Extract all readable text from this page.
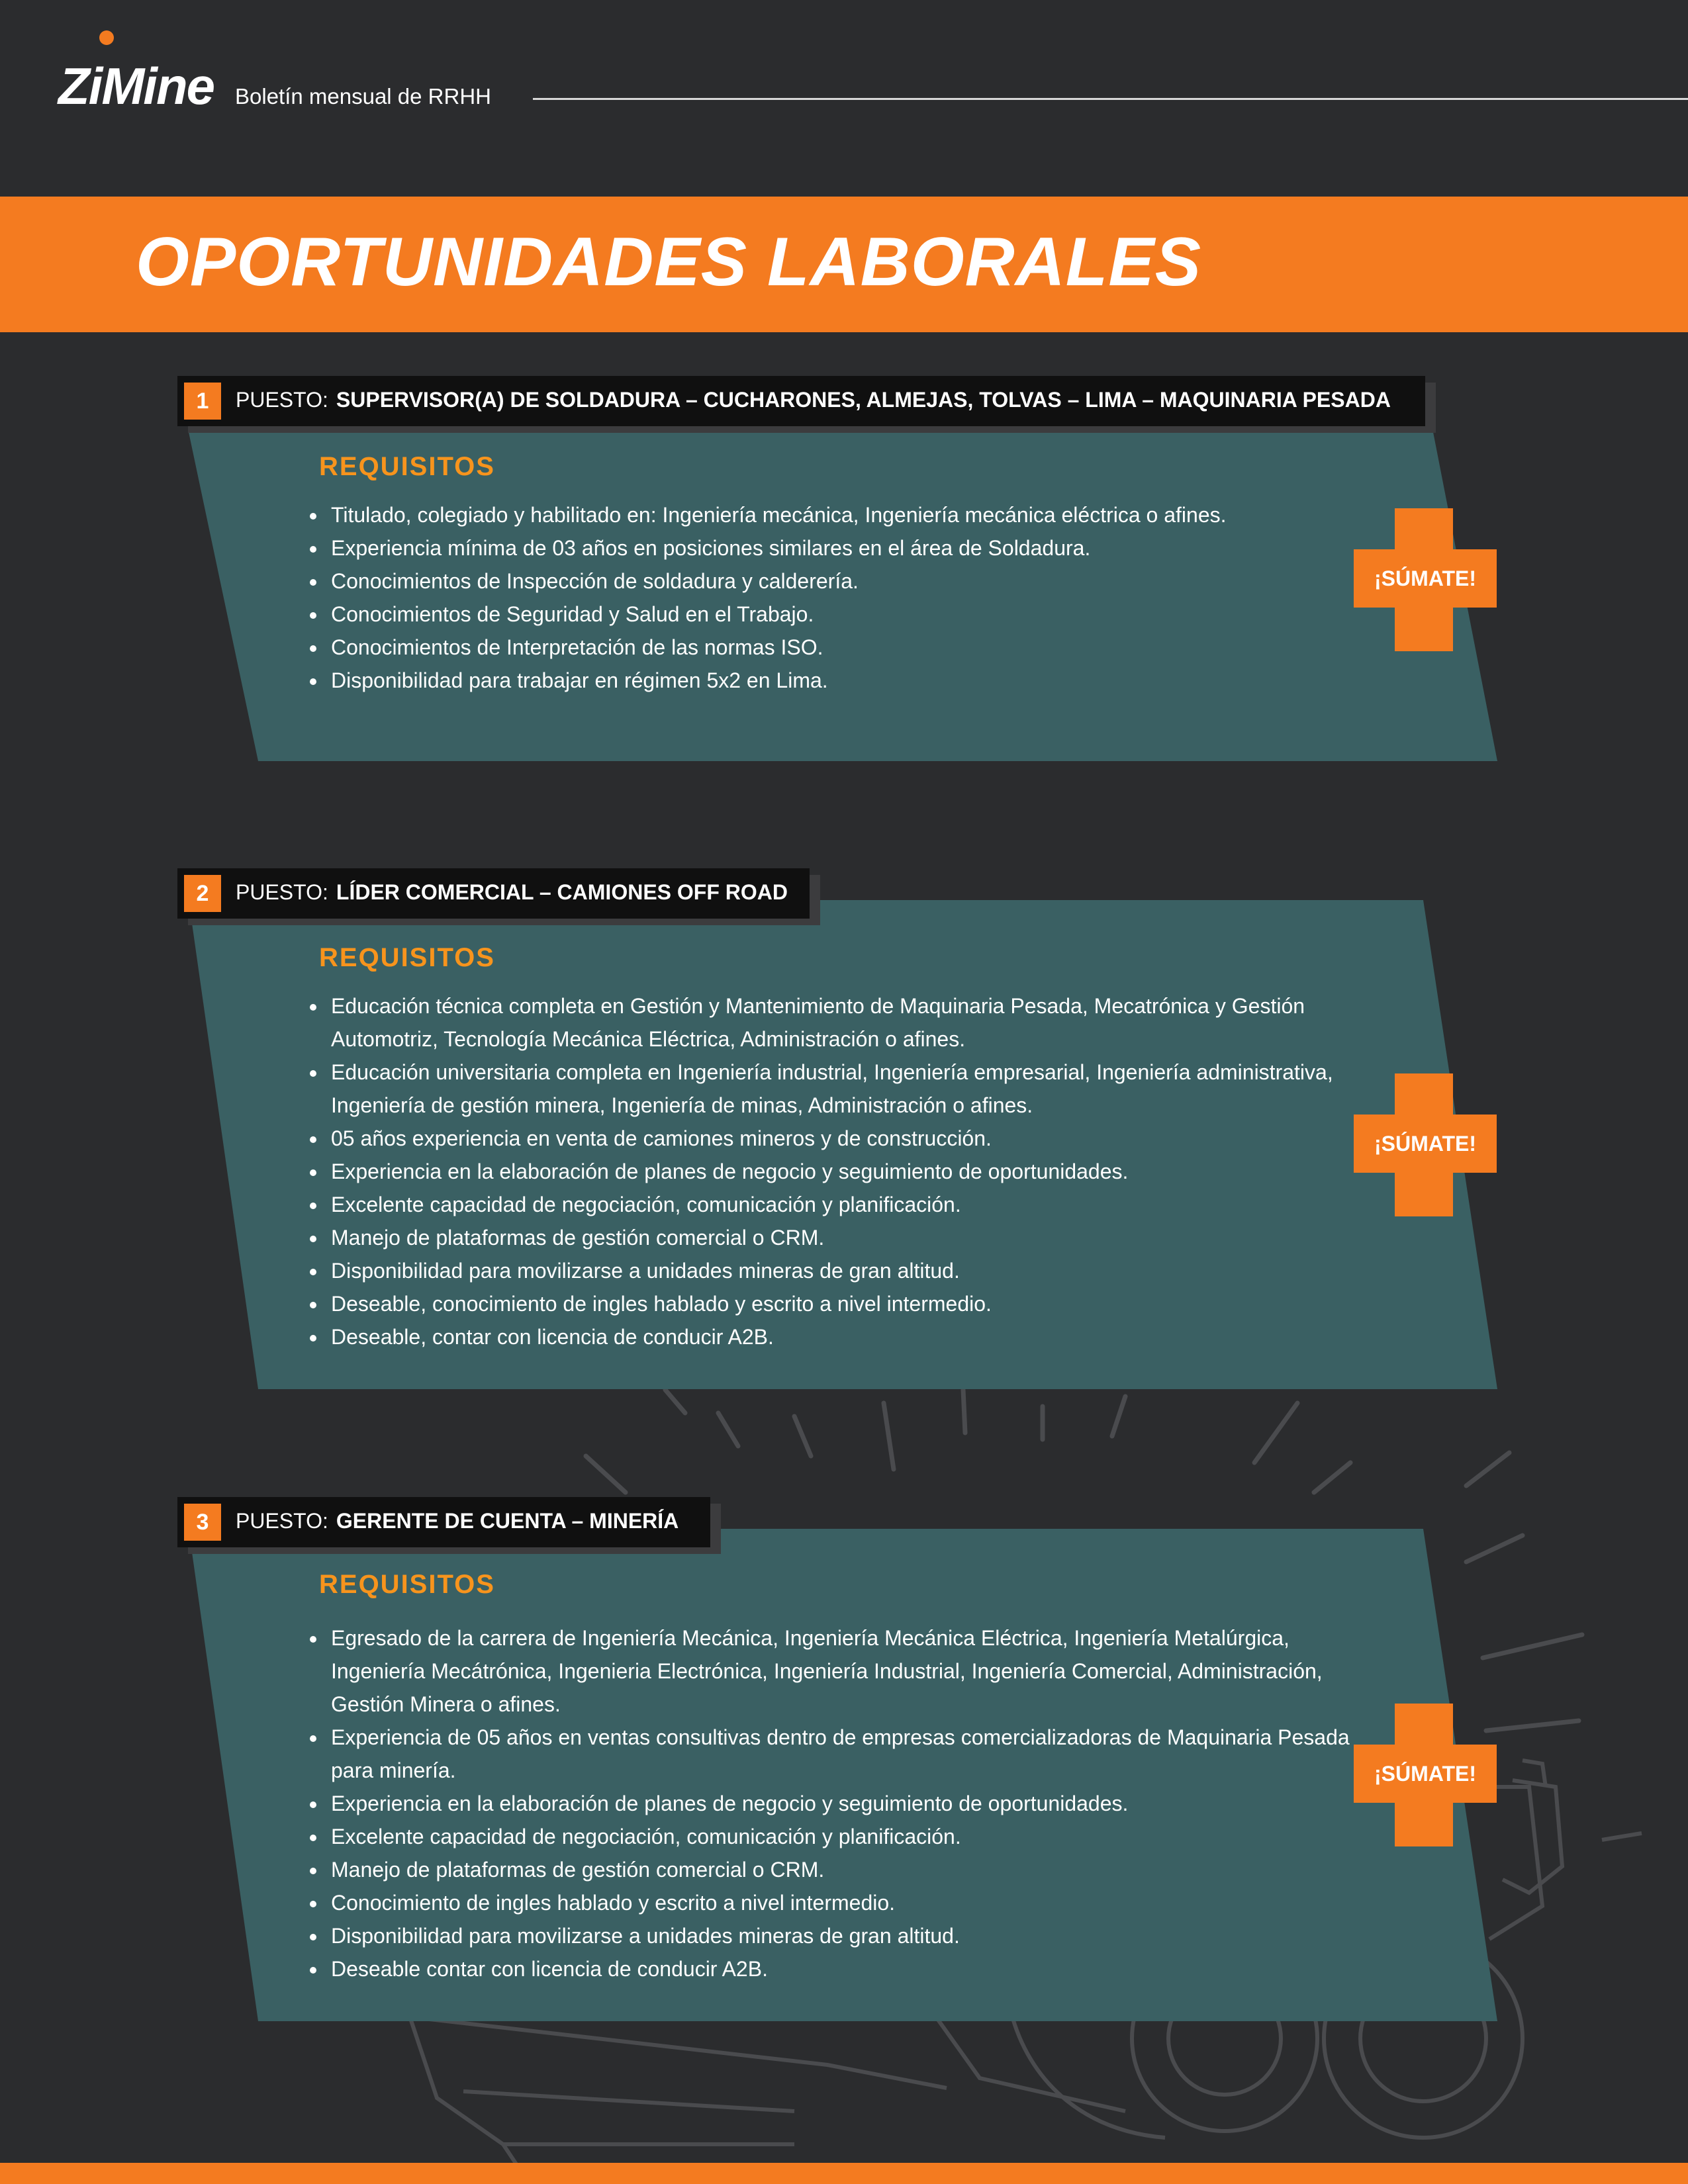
ZiMine Boletín mensual de RRHH
OPORTUNIDADES LABORALES
1	PUESTO: SUPERVISOR(A) DE SOLDADURA – CUCHARONES, ALMEJAS, TOLVAS – LIMA – MAQUINARIA PESADA
REQUISITOS
• Titulado, colegiado y habilitado en: Ingeniería mecánica, Ingeniería mecánica eléctrica o afines.
• Experiencia mínima de 03 años en posiciones similares en el área de Soldadura.
• Conocimientos de Inspección de soldadura y calderería.
• Conocimientos de Seguridad y Salud en el Trabajo.
• Conocimientos de Interpretación de las normas ISO.
• Disponibilidad para trabajar en régimen 5x2 en Lima.
¡SÚMATE!
2	PUESTO: LÍDER COMERCIAL – CAMIONES OFF ROAD
REQUISITOS
• Educación técnica completa en Gestión y Mantenimiento de Maquinaria Pesada, Mecatrónica y Gestión Automotriz, Tecnología Mecánica Eléctrica, Administración o afines.
• Educación universitaria completa en Ingeniería industrial, Ingeniería empresarial, Ingeniería administrativa, Ingeniería de gestión minera, Ingeniería de minas, Administración o afines.
• 05 años experiencia en venta de camiones mineros y de construcción.
• Experiencia en la elaboración de planes de negocio y seguimiento de oportunidades.
• Excelente capacidad de negociación, comunicación y planificación.
• Manejo de plataformas de gestión comercial o CRM.
• Disponibilidad para movilizarse a unidades mineras de gran altitud.
• Deseable, conocimiento de ingles hablado y escrito a nivel intermedio.
• Deseable, contar con licencia de conducir A2B.
¡SÚMATE!
3	PUESTO: GERENTE DE CUENTA – MINERÍA
REQUISITOS
• Egresado de la carrera de Ingeniería Mecánica, Ingeniería Mecánica Eléctrica, Ingeniería Metalúrgica, Ingeniería Mecátrónica, Ingenieria Electrónica, Ingeniería Industrial, Ingeniería Comercial, Administración, Gestión Minera o afines.
• Experiencia de 05 años en ventas consultivas dentro de empresas comercializadoras de Maquinaria Pesada para minería.
• Experiencia en la elaboración de planes de negocio y seguimiento de oportunidades.
• Excelente capacidad de negociación, comunicación y planificación.
• Manejo de plataformas de gestión comercial o CRM.
• Conocimiento de ingles hablado y escrito a nivel intermedio.
• Disponibilidad para movilizarse a unidades mineras de gran altitud.
• Deseable contar con licencia de conducir A2B.
¡SÚMATE!
